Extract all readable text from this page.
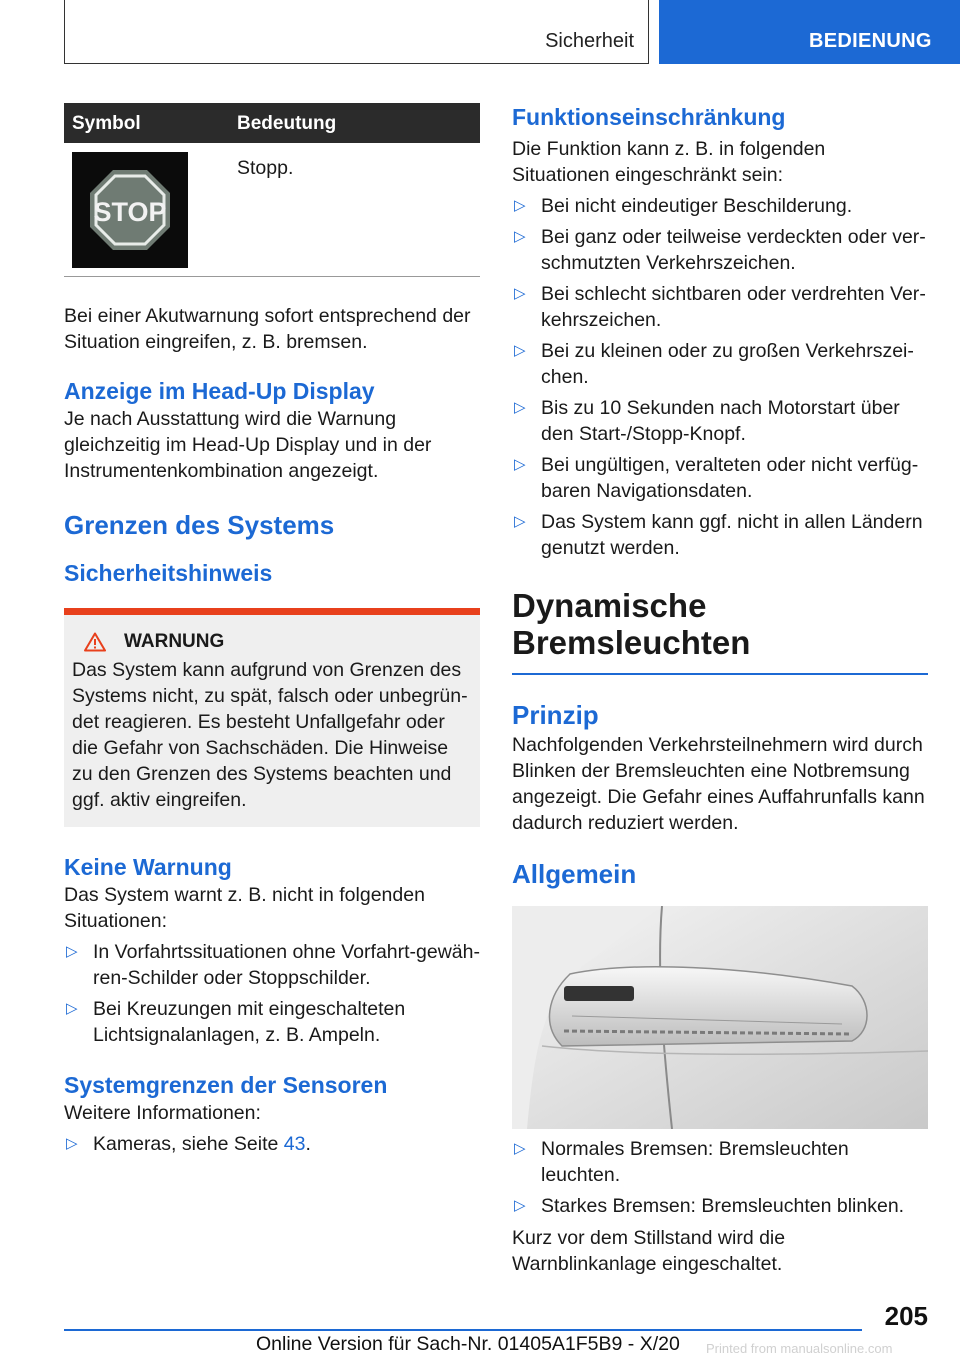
Sicherheit	BEDIENUNG
Symbol	Bedeutung
STOP
Stopp.

Bei einer Akutwarnung sofort entsprechend der Situation eingreifen, z. B. bremsen.

Anzeige im Head-Up Display

Je nach Ausstattung wird die Warnung gleichzeitig im Head-Up Display und in der Instrumentenkombination angezeigt.

Grenzen des Systems
Sicherheitshinweis
WARNUNG

Das System kann aufgrund von Grenzen des Systems nicht, zu spät, falsch oder unbegründet reagieren. Es besteht Unfallgefahr oder die Gefahr von Sachschäden. Die Hinweise zu den Grenzen des Systems beachten und ggf. aktiv eingreifen.

Keine Warnung

Das System warnt z. B. nicht in folgenden Situationen:

▷ In Vorfahrtssituationen ohne Vorfahrt-gewähren-Schilder oder Stoppschilder.
▷ Bei Kreuzungen mit eingeschalteten Lichtsignalanlagen, z. B. Ampeln.
Systemgrenzen der Sensoren

Weitere Informationen:

▷ Kameras, siehe Seite 43.
Funktionseinschränkung

Die Funktion kann z. B. in folgenden Situationen eingeschränkt sein:

▷ Bei nicht eindeutiger Beschilderung.
▷ Bei ganz oder teilweise verdeckten oder verschmutzten Verkehrszeichen.
▷ Bei schlecht sichtbaren oder verdrehten Verkehrszeichen.
▷ Bei zu kleinen oder zu großen Verkehrszeichen.
▷ Bis zu 10 Sekunden nach Motorstart über den Start-/Stopp-Knopf.
▷ Bei ungültigen, veralteten oder nicht verfügbaren Navigationsdaten.
▷ Das System kann ggf. nicht in allen Ländern genutzt werden.
Dynamische
Bremsleuchten
Prinzip

Nachfolgenden Verkehrsteilnehmern wird durch Blinken der Bremsleuchten eine Notbremsung angezeigt. Die Gefahr eines Auffahrunfalls kann dadurch reduziert werden.

Allgemein
▷ Normales Bremsen: Bremsleuchten leuchten.
▷ Starkes Bremsen: Bremsleuchten blinken.

Kurz vor dem Stillstand wird die Warnblinkanlage eingeschaltet.

205
Online Version für Sach-Nr. 01405A1F5B9 - X/20 Printed from manualsonline.com
